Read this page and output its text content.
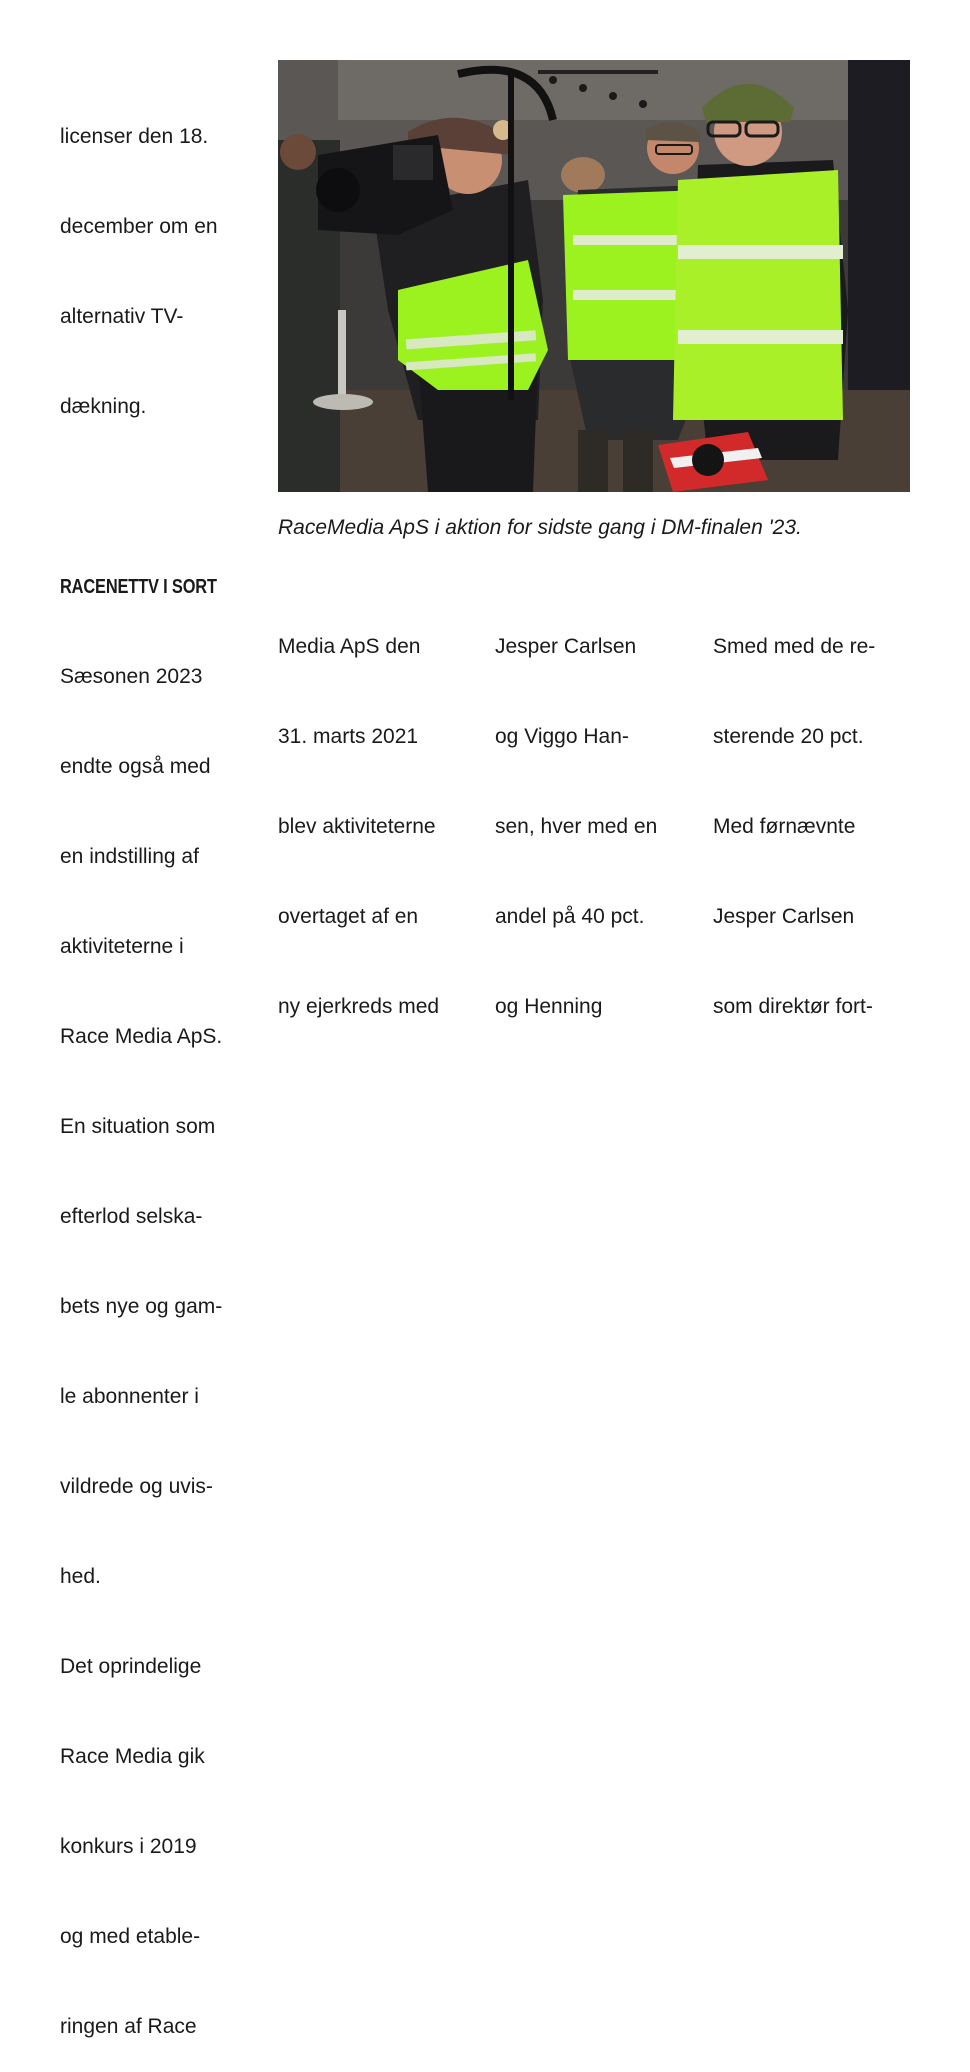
licenser den 18.

december om en

alternativ TV-

dækning.

RACENETTV I SORT

Sæsonen 2023

endte også med

en indstilling af

aktiviteterne i

Race Media ApS.

En situation som

efterlod selska-

bets nye og gam-

le abonnenter i

vildrede og uvis-

hed.

Det oprindelige

Race Media gik

konkurs i 2019

og med etable-

ringen af Race

RaceMedia ApS i aktion for sidste gang i DM-finalen '23.

Media ApS den

31. marts 2021

blev aktiviteterne

overtaget af en

ny ejerkreds med

Jesper Carlsen

og Viggo Han-

sen, hver med en

andel på 40 pct.

og Henning

Smed med de re-

sterende 20 pct.

Med førnævnte

Jesper Carlsen

som direktør fort-
